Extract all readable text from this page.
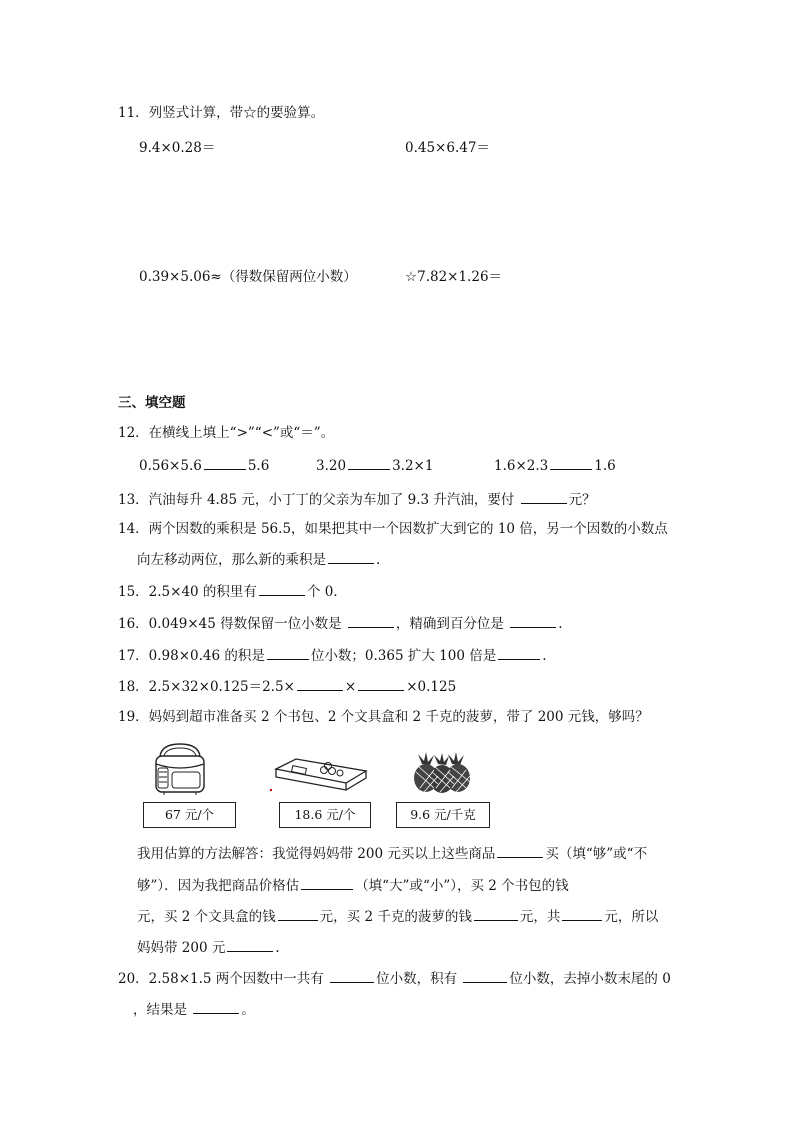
11．列竖式计算，带☆的要验算。
9.4×0.28＝	0.45×6.47＝
0.39×5.06≈（得数保留两位小数）	☆7.82×1.26＝
三、填空题
12．在横线上填上“>”“<”或“＝”。
0.56×5.6	5.6	3.20	3.2×1	1.6×2.3	1.6
13．汽油每升 4.85 元，小丁丁的父亲为车加了 9.3 升汽油，要付	元？
14．两个因数的乘积是 56.5，如果把其中一个因数扩大到它的 10 倍，另一个因数的小数点
向左移动两位，那么新的乘积是	.
15．2.5×40 的积里有	个 0．
16．0.049×45 得数保留一位小数是	，精确到百分位是	.
17．0.98×0.46 的积是	位小数；0.365 扩大 100 倍是	.
18．2.5×32×0.125＝2.5×	×	×0.125
19．妈妈到超市准备买 2 个书包、2 个文具盒和 2 千克的菠萝，带了 200 元钱，够吗？
67 元/个	18.6 元/个	9.6 元/千克
我用估算的方法解答：我觉得妈妈带 200 元买以上这些商品	买（填“够”或“不
够”）．因为我把商品价格估	（填“大”或“小”），买 2 个书包的钱
元，买 2 个文具盒的钱	元，买 2 千克的菠萝的钱	元，共	元，所以
妈妈带 200 元	.
20．2.58×1.5 两个因数中一共有	位小数，积有	位小数，去掉小数末尾的 0
，结果是	。
